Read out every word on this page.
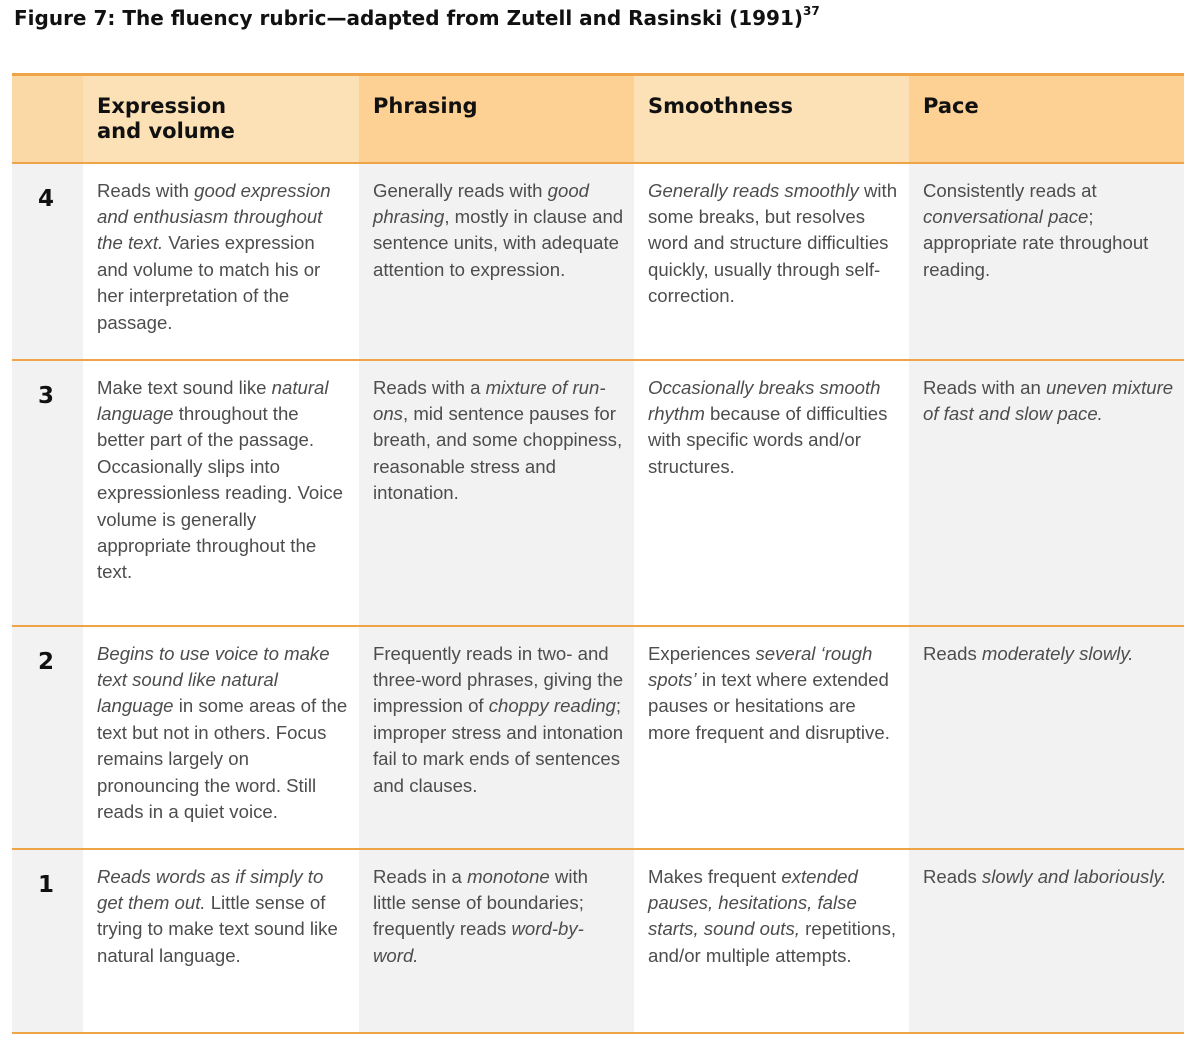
Figure 7: The fluency rubric—adapted from Zutell and Rasinski $(1991)^{37}$
	Expression
and volume	Phrasing	Smoothness	Pace
4	Reads with good expression and enthusiasm throughout the text. Varies expression and volume to match his or her interpretation of the passage.	Generally reads with good phrasing, mostly in clause and sentence units, with adequate attention to expression.	Generally reads smoothly with some breaks, but resolves word and structure difficulties quickly, usually through self-correction.	Consistently reads at conversational pace; appropriate rate throughout reading.
3	Make text sound like natural language throughout the better part of the passage. Occasionally slips into expressionless reading. Voice volume is generally appropriate throughout the text.	Reads with a mixture of run-ons, mid sentence pauses for breath, and some choppiness, reasonable stress and intonation.	Occasionally breaks smooth rhythm because of difficulties with specific words and/or structures.	Reads with an uneven mixture of fast and slow pace.
2	Begins to use voice to make text sound like natural language in some areas of the text but not in others. Focus remains largely on pronouncing the word. Still reads in a quiet voice.	Frequently reads in two- and three-word phrases, giving the impression of choppy reading; improper stress and intonation fail to mark ends of sentences and clauses.	Experiences several ‘rough spots’ in text where extended pauses or hesitations are more frequent and disruptive.	Reads moderately slowly.
1	Reads words as if simply to get them out. Little sense of trying to make text sound like natural language.	Reads in a monotone with little sense of boundaries; frequently reads word-by-word.	Makes frequent extended pauses, hesitations, false starts, sound outs, repetitions, and/or multiple attempts.	Reads slowly and laboriously.
